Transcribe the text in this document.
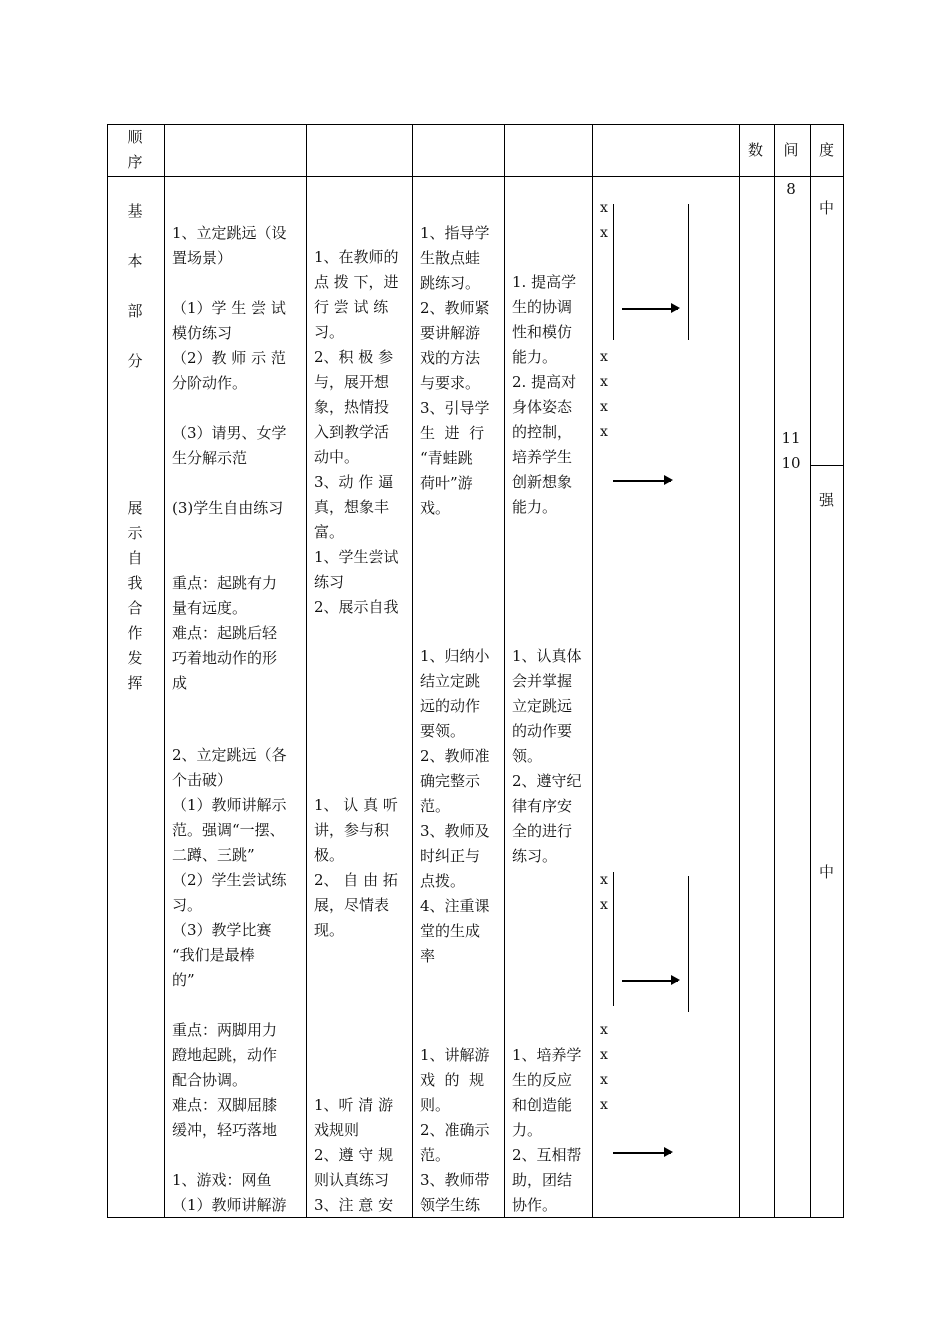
顺
序
数	间	度
基

本

部

分
展
示
自
我
合
作
发
挥
1、立定跳远（设
置场景）

（1）学 生 尝 试
模仿练习
（2）教 师 示 范
分阶动作。

（3）请男、女学
生分解示范

(3)学生自由练习

重点：起跳有力
量有远度。
难点：起跳后轻
巧着地动作的形
成
2、立定跳远（各
个击破）
（1）教师讲解示
范。强调“一摆、
二蹲、三跳”
（2）学生尝试练
习。
（3）教学比赛
“我们是最棒
的”

重点：两脚用力
蹬地起跳，动作
配合协调。
难点：双脚屈膝
缓冲，轻巧落地

1、游戏：网鱼
（1）教师讲解游
1、在教师的
点 拨 下，进
行 尝 试 练
习。
2、积 极 参
与，展开想
象，热情投
入到教学活
动中。
3、动 作 逼
真，想象丰
富。
1、学生尝试
练习
2、展示自我
1、 认 真 听
讲，参与积
极。
2、 自 由 拓
展，尽情表
现。
1、听 清 游
戏规则
2、遵 守 规
则认真练习
3、注 意 安
1、指导学
生散点蛙
跳练习。
2、教师紧
要讲解游
戏的方法
与要求。
3、引导学
生  进  行
“青蛙跳
荷叶”游
戏。
1、归纳小
结立定跳
远的动作
要领。
2、教师准
确完整示
范。
3、教师及
时纠正与
点拨。
4、注重课
堂的生成
率
1、讲解游
戏  的  规
则。
2、准确示
范。
3、教师带
领学生练
1. 提高学
生的协调
性和模仿
能力。
2. 提高对
身体姿态
的控制，
培养学生
创新想象
能力。
1、认真体
会并掌握
立定跳远
的动作要
领。
2、遵守纪
律有序安
全的进行
练习。
1、培养学
生的反应
和创造能
力。
2、互相帮
助，团结
协作。
x
x
x
x
x
x
x
x
x
x
x
x
8
11
10
中
强
中
